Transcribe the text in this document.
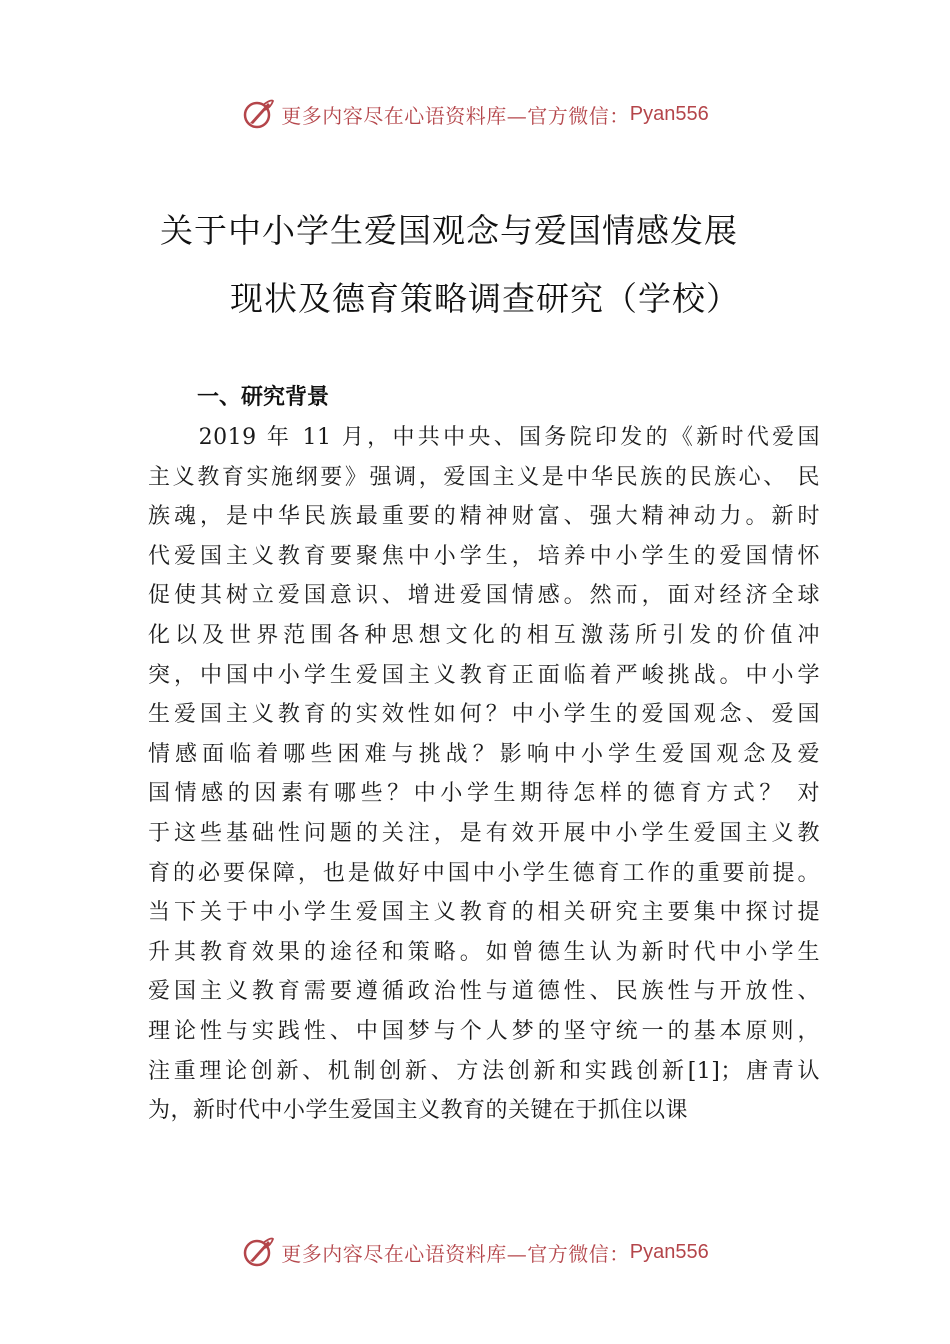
更多内容尽在心语资料库—官方微信： Pyan556
关于中小学生爱国观念与爱国情感发展
现状及德育策略调查研究（学校）
一、研究背景
　　2019 年 11 月，中共中央、国务院印发的《新时代爱国
主义教育实施纲要》强调，爱国主义是中华民族的民族心、 民
族魂，是中华民族最重要的精神财富、强大精神动力。新时
代爱国主义教育要聚焦中小学生，培养中小学生的爱国情怀
促使其树立爱国意识、增进爱国情感。然而，面对经济全球
化以及世界范围各种思想文化的相互激荡所引发的价值冲
突，中国中小学生爱国主义教育正面临着严峻挑战。中小学
生爱国主义教育的实效性如何？中小学生的爱国观念、爱国
情感面临着哪些困难与挑战？影响中小学生爱国观念及爱
国情感的因素有哪些？中小学生期待怎样的德育方式？ 对
于这些基础性问题的关注，是有效开展中小学生爱国主义教
育的必要保障，也是做好中国中小学生德育工作的重要前提。
当下关于中小学生爱国主义教育的相关研究主要集中探讨提
升其教育效果的途径和策略。如曾德生认为新时代中小学生
爱国主义教育需要遵循政治性与道德性、民族性与开放性、
理论性与实践性、中国梦与个人梦的坚守统一的基本原则，
注重理论创新、机制创新、方法创新和实践创新[1]；唐青认
为，新时代中小学生爱国主义教育的关键在于抓住以课
更多内容尽在心语资料库—官方微信： Pyan556
